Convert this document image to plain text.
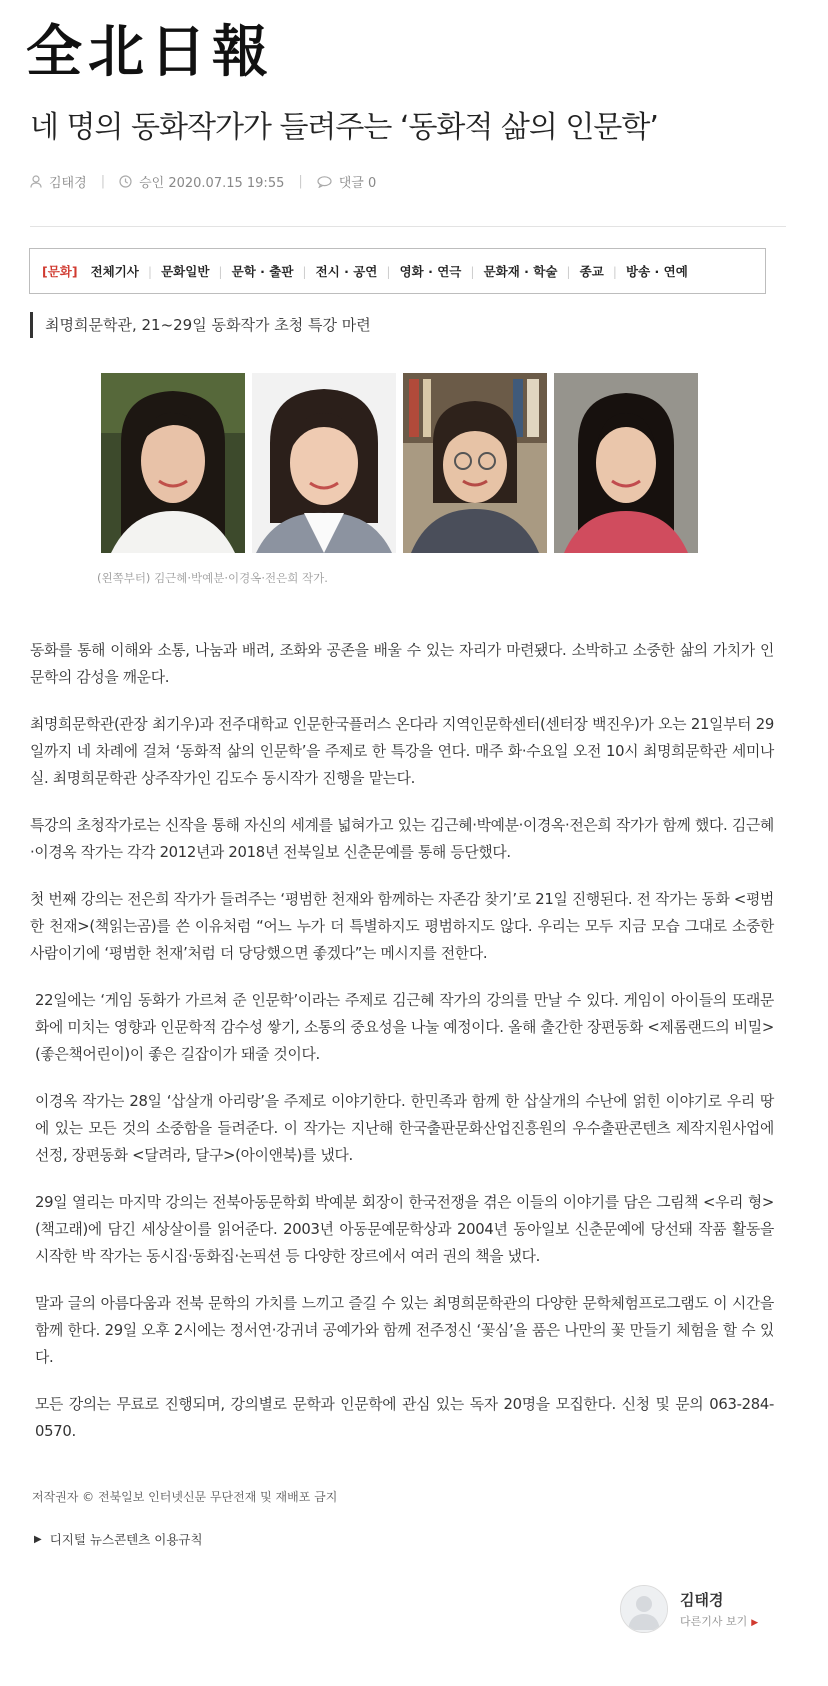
全北日報
네 명의 동화작가가 들려주는 ‘동화적 삶의 인문학’
김태경 |	승인 2020.07.15 19:55 |	댓글 0
[문화]	전체기사 | 문화일반 | 문학 · 출판 | 전시 · 공연 | 영화 · 연극 | 문화재 · 학술 | 종교 | 방송 · 연예
최명희문학관, 21~29일 동화작가 초청 특강 마련
(왼쪽부터) 김근혜·박예분·이경옥·전은희 작가.

동화를 통해 이해와 소통, 나눔과 배려, 조화와 공존을 배울 수 있는 자리가 마련됐다. 소박하고 소중한 삶의 가치가 인문학의 감성을 깨운다.

최명희문학관(관장 최기우)과 전주대학교 인문한국플러스 온다라 지역인문학센터(센터장 백진우)가 오는 21일부터 29일까지 네 차례에 걸쳐 ‘동화적 삶의 인문학’을 주제로 한 특강을 연다. 매주 화·수요일 오전 10시 최명희문학관 세미나실. 최명희문학관 상주작가인 김도수 동시작가 진행을 맡는다.

특강의 초청작가로는 신작을 통해 자신의 세계를 넓혀가고 있는 김근혜·박예분·이경옥·전은희 작가가 함께 했다. 김근혜·이경옥 작가는 각각 2012년과 2018년 전북일보 신춘문예를 통해 등단했다.

첫 번째 강의는 전은희 작가가 들려주는 ‘평범한 천재와 함께하는 자존감 찾기’로 21일 진행된다. 전 작가는 동화 <평범한 천재>(책읽는곰)를 쓴 이유처럼 “어느 누가 더 특별하지도 평범하지도 않다. 우리는 모두 지금 모습 그대로 소중한 사람이기에 ‘평범한 천재’처럼 더 당당했으면 좋겠다”는 메시지를 전한다.

22일에는 ‘게임 동화가 가르쳐 준 인문학’이라는 주제로 김근혜 작가의 강의를 만날 수 있다. 게임이 아이들의 또래문화에 미치는 영향과 인문학적 감수성 쌓기, 소통의 중요성을 나눌 예정이다. 올해 출간한 장편동화 <제롬랜드의 비밀>(좋은책어린이)이 좋은 길잡이가 돼줄 것이다.

이경옥 작가는 28일 ‘삽살개 아리랑’을 주제로 이야기한다. 한민족과 함께 한 삽살개의 수난에 얽힌 이야기로 우리 땅에 있는 모든 것의 소중함을 들려준다. 이 작가는 지난해 한국출판문화산업진흥원의 우수출판콘텐츠 제작지원사업에 선정, 장편동화 <달려라, 달구>(아이앤북)를 냈다.

29일 열리는 마지막 강의는 전북아동문학회 박예분 회장이 한국전쟁을 겪은 이들의 이야기를 담은 그림책 <우리 형>(책고래)에 담긴 세상살이를 읽어준다. 2003년 아동문예문학상과 2004년 동아일보 신춘문예에 당선돼 작품 활동을 시작한 박 작가는 동시집·동화집·논픽션 등 다양한 장르에서 여러 권의 책을 냈다.

말과 글의 아름다움과 전북 문학의 가치를 느끼고 즐길 수 있는 최명희문학관의 다양한 문학체험프로그램도 이 시간을 함께 한다. 29일 오후 2시에는 정서연·강귀녀 공예가와 함께 전주정신 ‘꽃심’을 품은 나만의 꽃 만들기 체험을 할 수 있다.

모든 강의는 무료로 진행되며, 강의별로 문학과 인문학에 관심 있는 독자 20명을 모집한다. 신청 및 문의 063-284-0570.

저작권자 © 전북일보 인터넷신문 무단전재 및 재배포 금지
▶ 디지털 뉴스콘텐츠 이용규칙
김태경
다른기사 보기 ▶
